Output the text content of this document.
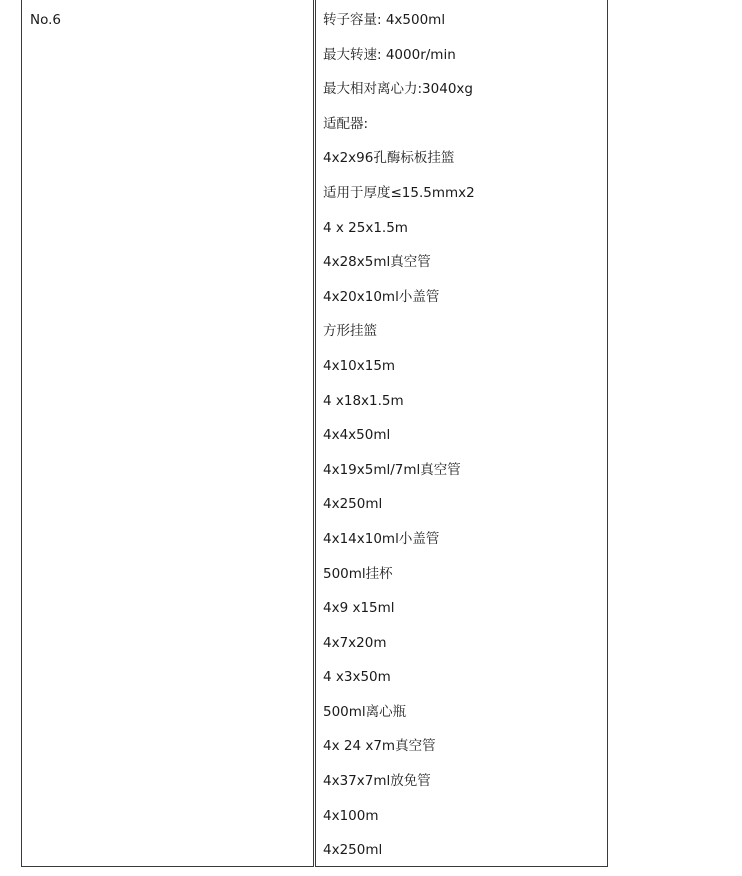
No.6	转子容量: 4x500ml
最大转速: 4000r/min
最大相对离心力:3040xg
适配器:
4x2x96孔酶标板挂篮
适用于厚度≤15.5mmx2
4 x 25x1.5m
4x28x5ml真空管
4x20x10ml小盖管
方形挂篮
4x10x15m
4 x18x1.5m
4x4x50ml
4x19x5ml/7ml真空管
4x250ml
4x14x10ml小盖管
500ml挂杯
4x9 x15ml
4x7x20m
4 x3x50m
500ml离心瓶
4x 24 x7m真空管
4x37x7ml放免管
4x100m
4x250ml
